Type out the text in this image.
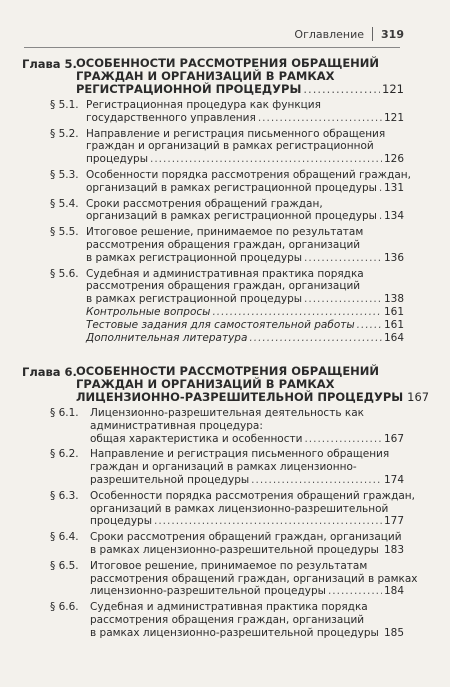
Оглавление 319
Глава 5. ОСОБЕННОСТИ РАССМОТРЕНИЯ ОБРАЩЕНИЙ
ГРАЖДАН И ОРГАНИЗАЦИЙ В РАМКАХ
РЕГИСТРАЦИОННОЙ ПРОЦЕДУРЫ .....	121
§ 5.1. Регистрационная процедура как функция
государственного управления .....	121
§ 5.2. Направление и регистрация письменного обращения
граждан и организаций в рамках регистрационной
процедуры .....	126
§ 5.3. Особенности порядка рассмотрения обращений граждан,
организаций в рамках регистрационной процедуры ..... 131
§ 5.4. Сроки рассмотрения обращений граждан,
организаций в рамках регистрационной процедуры ..... 134
§ 5.5. Итоговое решение, принимаемое по результатам
рассмотрения обращения граждан, организаций
в рамках регистрационной процедуры .....	136
§ 5.6. Судебная и административная практика порядка
рассмотрения обращения граждан, организаций
в рамках регистрационной процедуры .....	138
Контрольные вопросы .....	161
Тестовые задания для самостоятельной работы .....	161
Дополнительная литература .....	164
Глава 6. ОСОБЕННОСТИ РАССМОТРЕНИЯ ОБРАЩЕНИЙ
ГРАЖДАН И ОРГАНИЗАЦИЙ В РАМКАХ
ЛИЦЕНЗИОННО-РАЗРЕШИТЕЛЬНОЙ ПРОЦЕДУРЫ 167
§ 6.1. Лицензионно-разрешительная деятельность как
административная процедура:
общая характеристика и особенности .....	167
§ 6.2. Направление и регистрация письменного обращения
граждан и организаций в рамках лицензионно-
разрешительной процедуры .....	174
§ 6.3. Особенности порядка рассмотрения обращений граждан,
организаций в рамках лицензионно-разрешительной
процедуры .....	177
§ 6.4. Сроки рассмотрения обращений граждан, организаций
в рамках лицензионно-разрешительной процедуры ..... 183
§ 6.5. Итоговое решение, принимаемое по результатам
рассмотрения обращений граждан, организаций в рамках
лицензионно-разрешительной процедуры .....	184
§ 6.6. Судебная и административная практика порядка
рассмотрения обращения граждан, организаций
в рамках лицензионно-разрешительной процедуры ..... 185
